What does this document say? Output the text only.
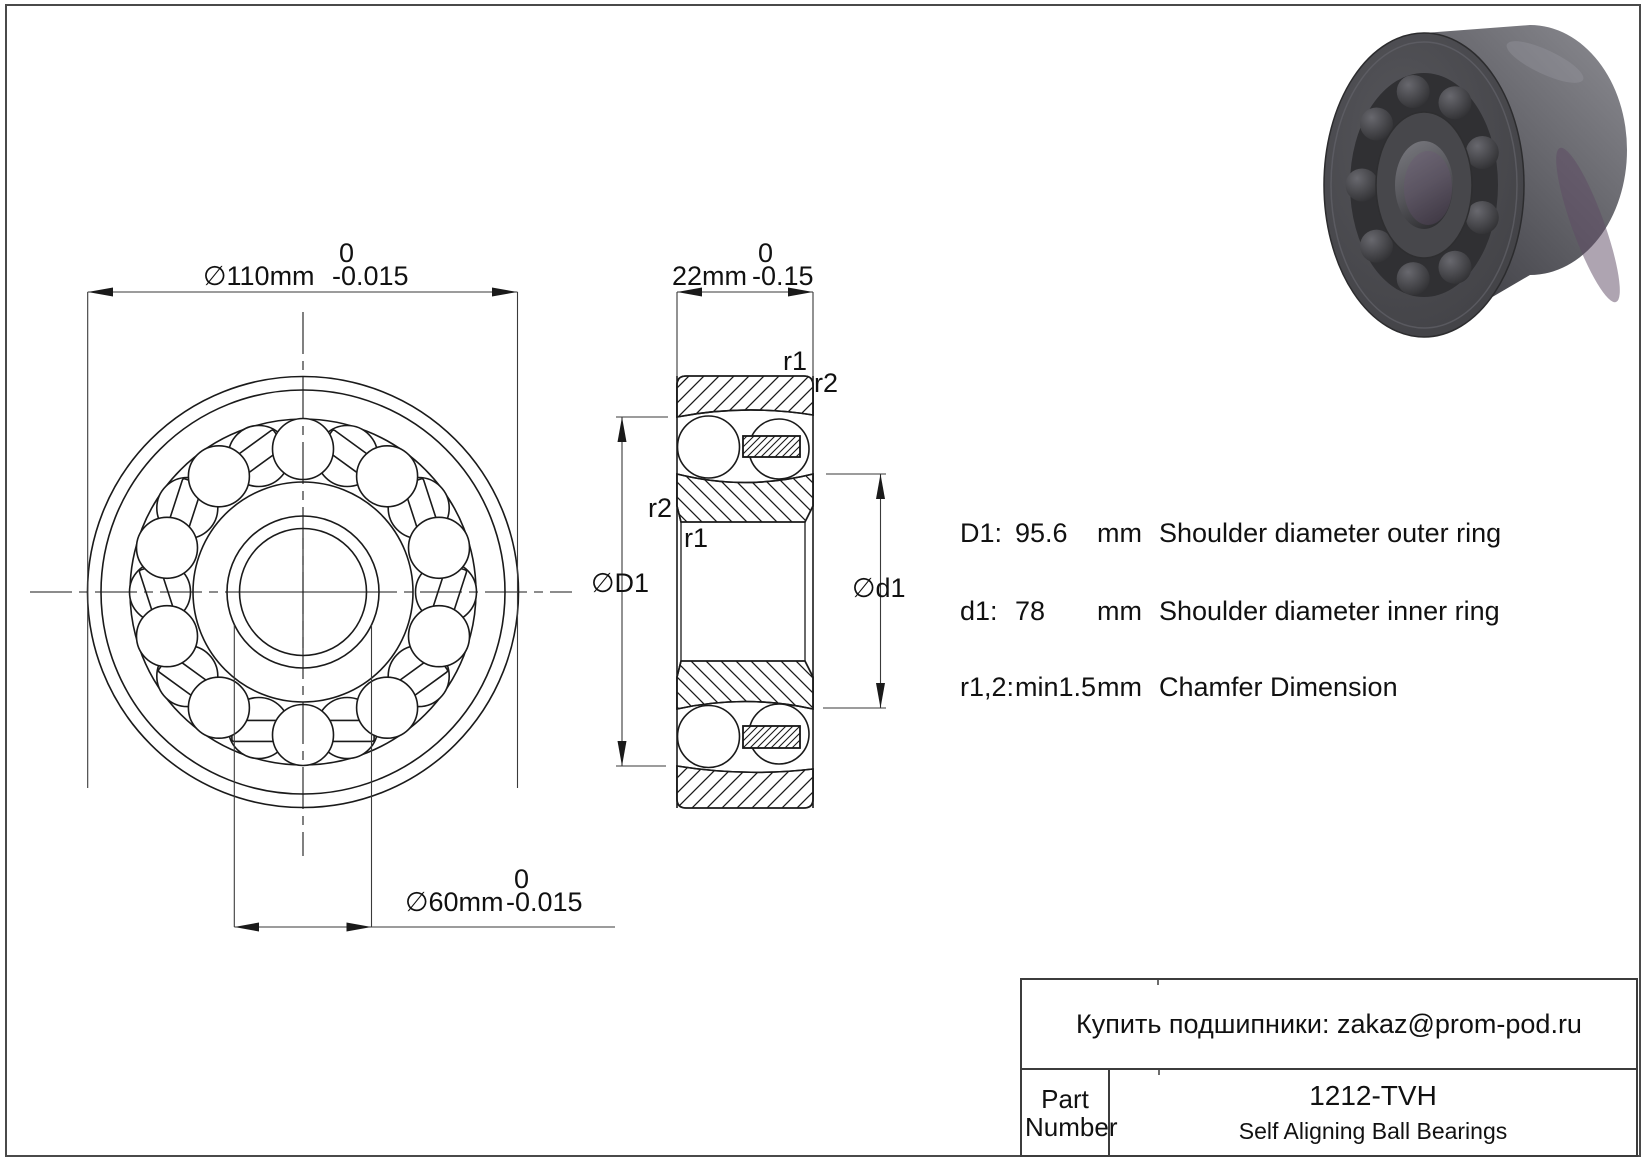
∅110mm -0.015 0
22mm -0.15 0
∅60mm -0.015 0
∅D1	∅d1
r1
r2
r2
r1	D1: 95.6	mm Shoulder diameter outer ring
d1: 78	mm Shoulder diameter inner ring
r1,2: min1.5 mm Chamfer Dimension
Купить подшипники: zakaz@prom-pod.ru
Part Number
1212-TVH
Self Aligning Ball Bearings
